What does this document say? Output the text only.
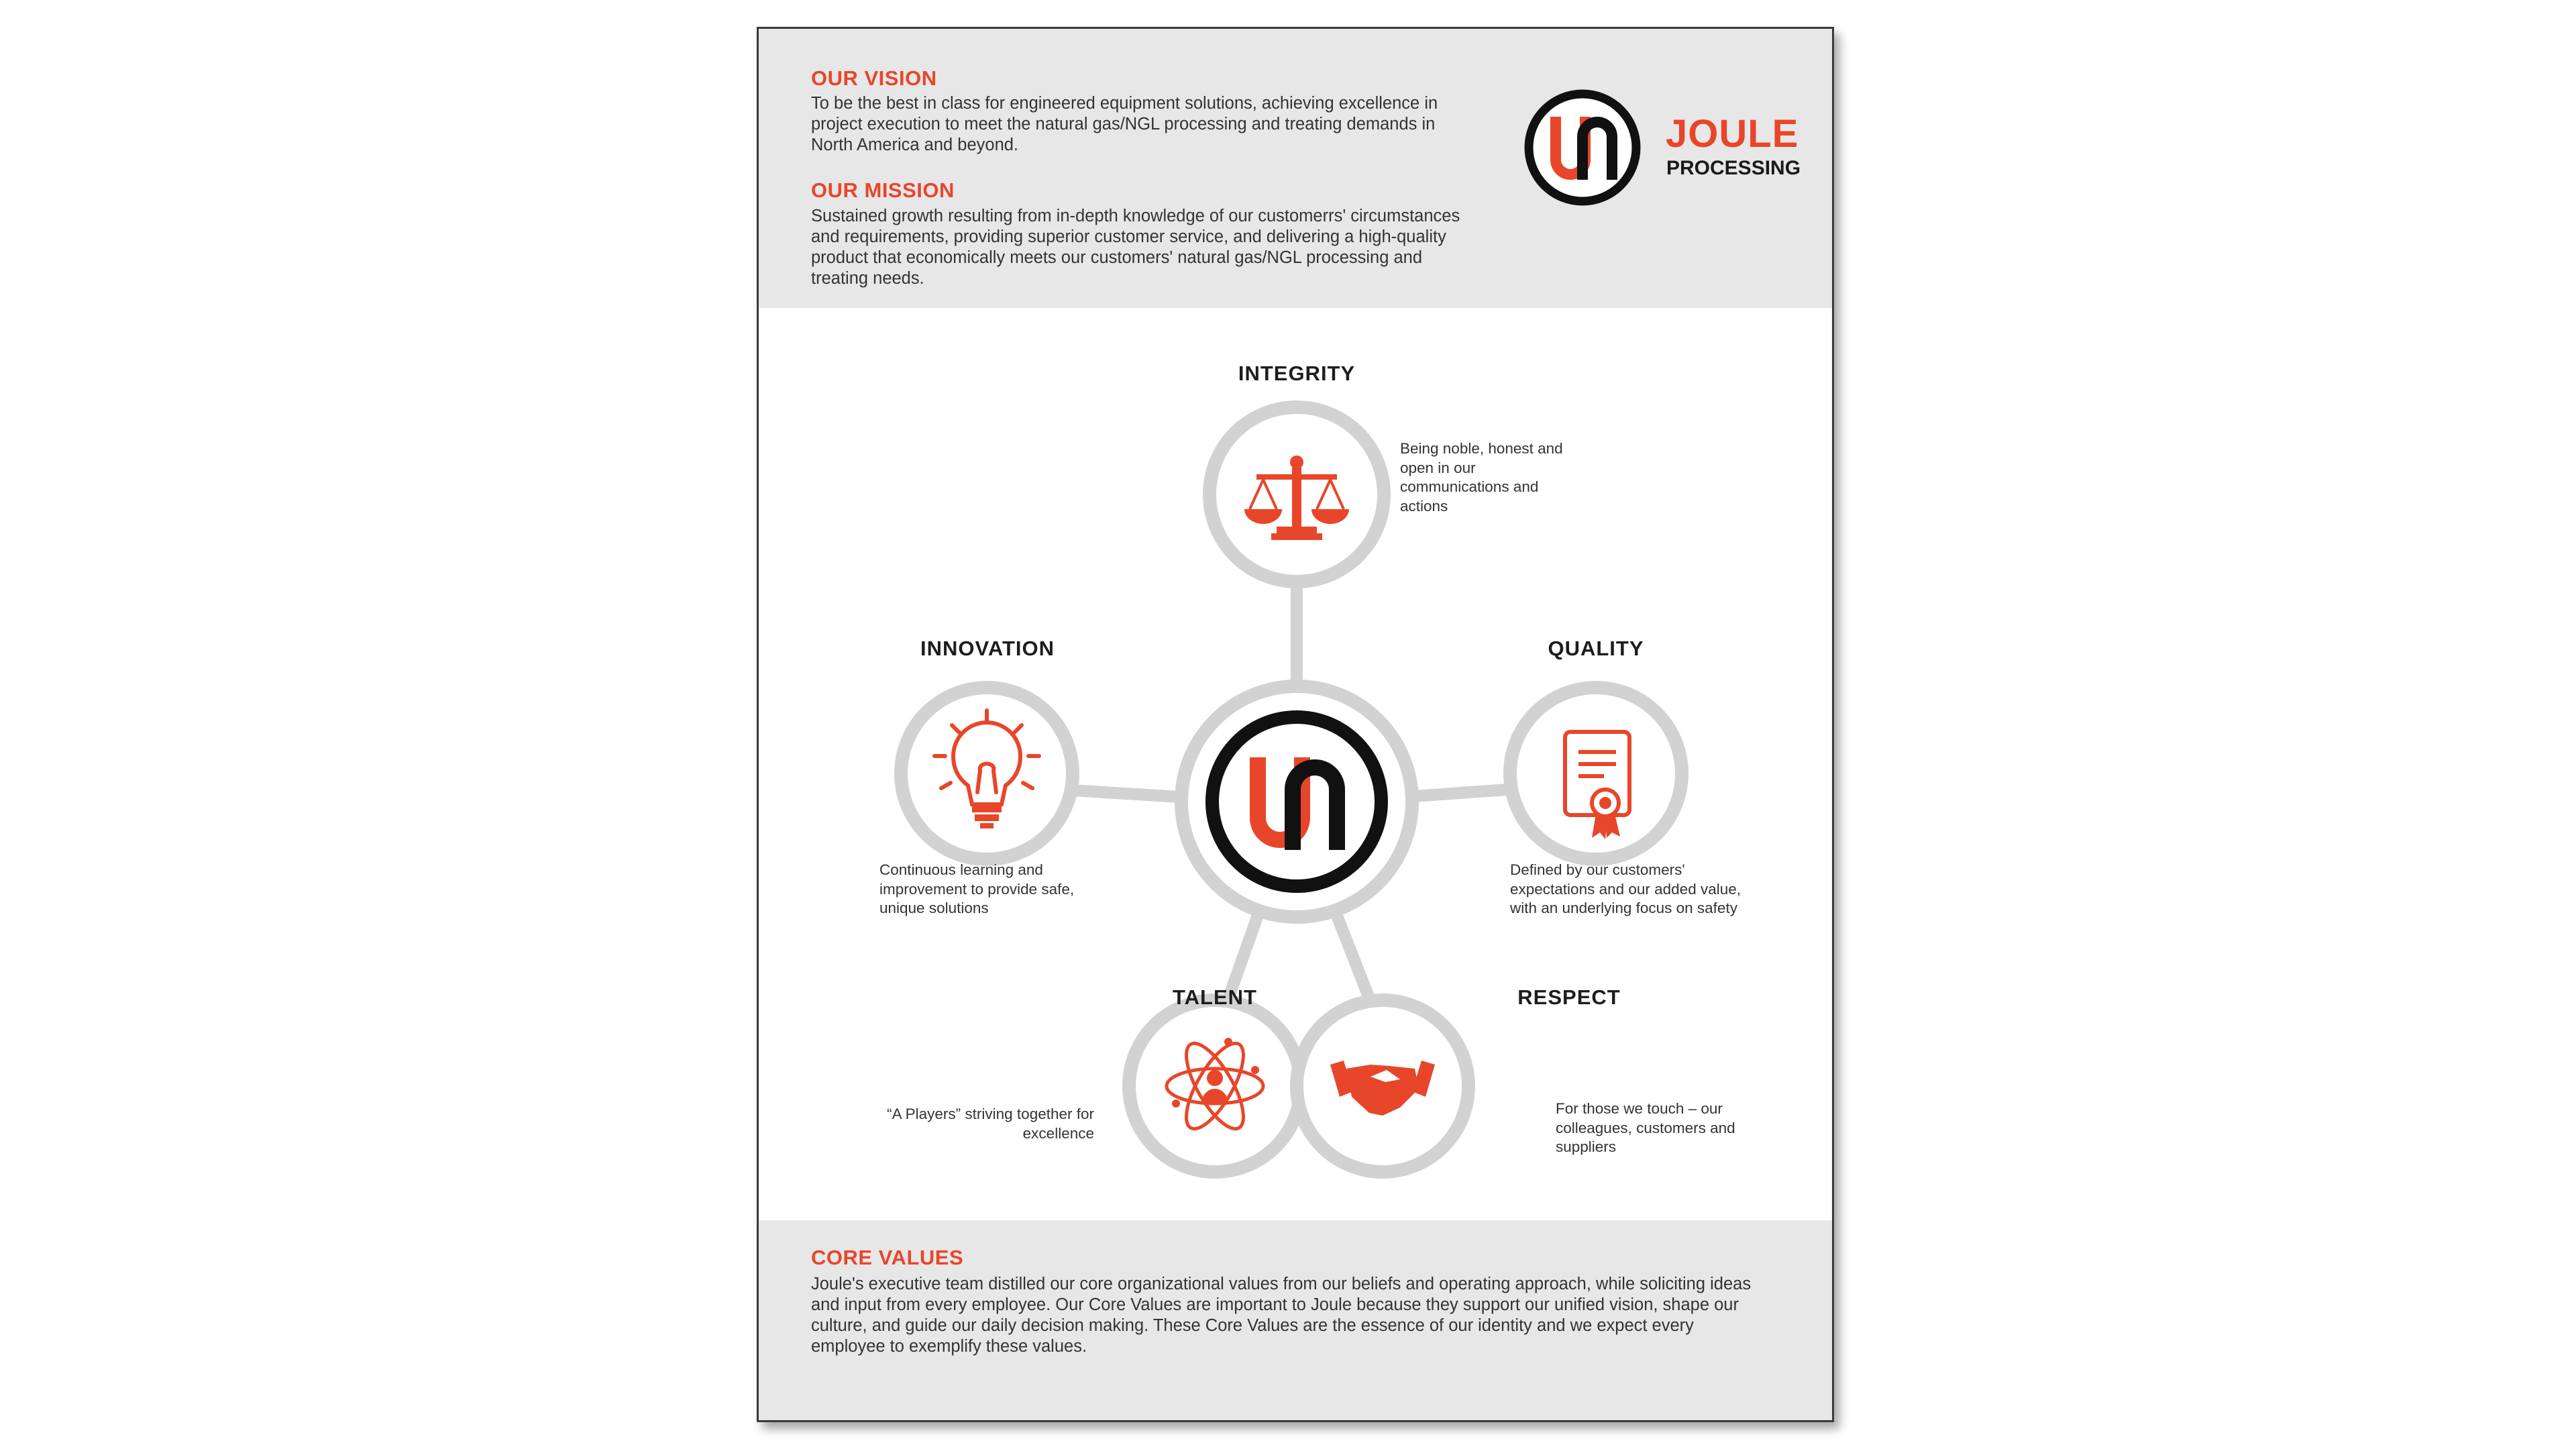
OUR VISION

To be the best in class for engineered equipment solutions, achieving excellence in project execution to meet the natural gas/NGL processing and treating demands in North America and beyond.

OUR MISSION

Sustained growth resulting from in-depth knowledge of our customerrs' circumstances and requirements, providing superior customer service, and delivering a high-quality product that economically meets our customers' natural gas/NGL processing and treating needs.

JOULE

PROCESSING

INTEGRITY

Being noble, honest and open in our communications and actions

INNOVATION

Continuous learning and improvement to provide safe, unique solutions

QUALITY

Defined by our customers' expectations and our added value, with an underlying focus on safety

TALENT

“A Players” striving together for excellence

RESPECT

For those we touch – our colleagues, customers and suppliers

CORE VALUES

Joule's executive team distilled our core organizational values from our beliefs and operating approach, while soliciting ideas and input from every employee. Our Core Values are important to Joule because they support our unified vision, shape our culture, and guide our daily decision making. These Core Values are the essence of our identity and we expect every employee to exemplify these values.
